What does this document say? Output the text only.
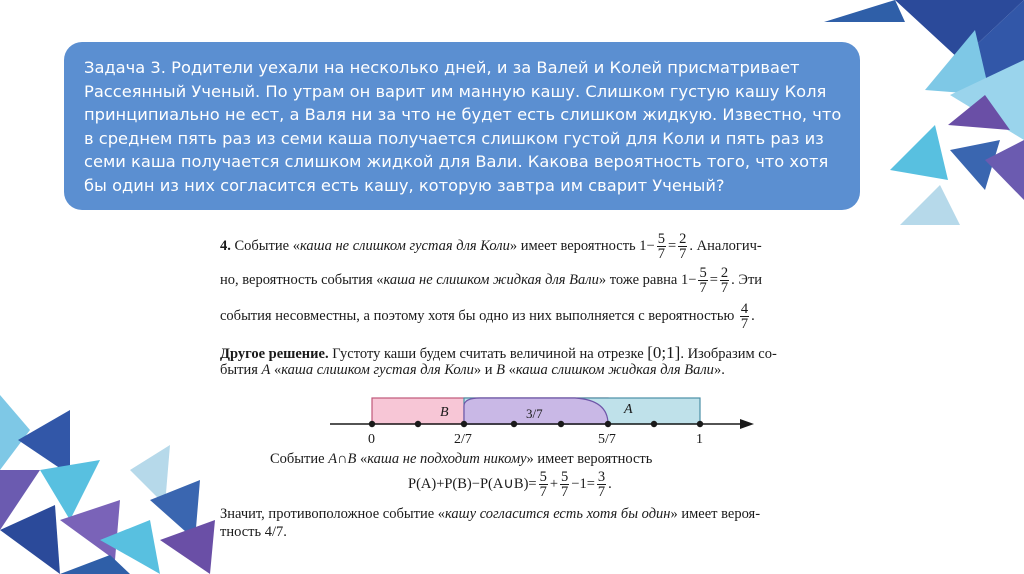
Задача 3. Родители уехали на несколько дней, и за Валей и Колей присматривает
Рассеянный Ученый. По утрам он варит им манную кашу. Слишком густую кашу Коля
принципиально не ест, а Валя ни за что не будет есть слишком жидкую. Известно, что
в среднем пять раз из семи каша получается слишком густой для Коли и пять раз из
семи каша получается слишком жидкой для Вали. Какова вероятность того, что хотя
бы один из них согласится есть кашу, которую завтра им сварит Ученый?
4. Событие «каша не слишком густая для Коли» имеет вероятность $1- \frac{5}{7} = \frac{2}{7}$ . Аналогич-
но, вероятность события «каша не слишком жидкая для Вали» тоже равна $1- \frac{5}{7} = \frac{2}{7}$ . Эти
события несовместны, а поэтому хотя бы одно из них выполняется с вероятностью $\frac{4}{7}$ .
Другое решение. Густоту каши будем считать величиной на отрезке [0;1]. Изобразим со-
бытия A «каша слишком густая для Коли» и B «каша слишком жидкая для Вали».
Событие A∩B «каша не подходит никому» имеет вероятность
P(A)+P(B)−P(A∪B)= $\frac{5}{7} + \frac{5}{7} -1= \frac{3}{7}$ .
Значит, противоположное событие «кашу согласится есть хотя бы один» имеет вероя-
тность 4/7.
B	A
3/7
0	2/7	5/7	1
